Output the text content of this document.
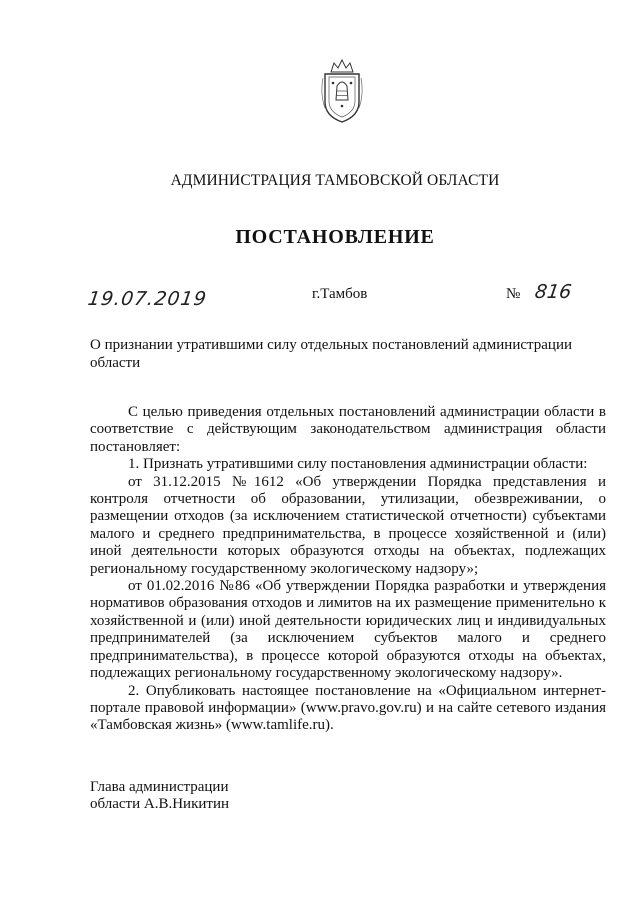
АДМИНИСТРАЦИЯ ТАМБОВСКОЙ ОБЛАСТИ
ПОСТАНОВЛЕНИЕ
19.07.2019	г.Тамбов	№ 816
О признании утратившими силу отдельных постановлений администрации области

С целью приведения отдельных постановлений администрации области в соответствие с действующим законодательством администрация области постановляет:

1. Признать утратившими силу постановления администрации области:

от 31.12.2015 №1612 «Об утверждении Порядка представления и контроля отчетности об образовании, утилизации, обезвреживании, о размещении отходов (за исключением статистической отчетности) субъектами малого и среднего предпринимательства, в процессе хозяйственной и (или) иной деятельности которых образуются отходы на объектах, подлежащих региональному государственному экологическому надзору»;

от 01.02.2016 №86 «Об утверждении Порядка разработки и утверждения нормативов образования отходов и лимитов на их размещение применительно к хозяйственной и (или) иной деятельности юридических лиц и индивидуальных предпринимателей (за исключением субъектов малого и среднего предпринимательства), в процессе которой образуются отходы на объектах, подлежащих региональному государственному экологическому надзору».

2. Опубликовать настоящее постановление на «Официальном интернет-портале правовой информации» (www.pravo.gov.ru) и на сайте сетевого издания «Тамбовская жизнь» (www.tamlife.ru).

Глава администрации
области А.В.Никитин
